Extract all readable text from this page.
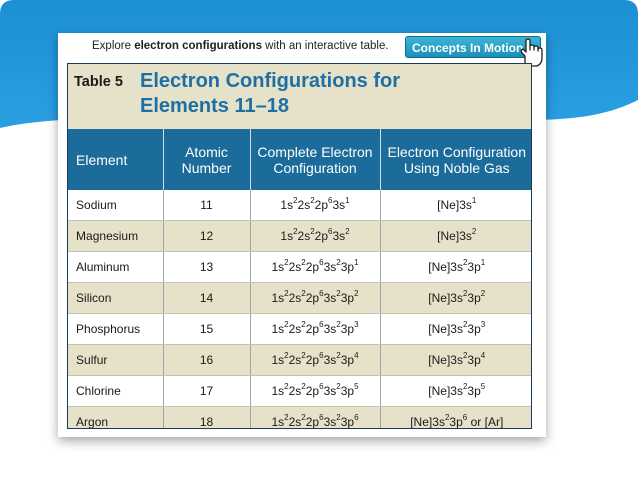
Explore electron configurations with an interactive table.	Concepts In Motion
Table 5 Electron Configurations for
Elements 11–18
Element	Atomic Number	Complete Electron Configuration	Electron Configuration Using Noble Gas
Sodium	11	$1s^22s^22p^63s^1$	$[Ne]3s^1$
Magnesium	12	$1s^22s^22p^63s^2$	$[Ne]3s^2$
Aluminum	13	$1s^22s^22p^63s^23p^1$	$[Ne]3s^23p^1$
Silicon	14	$1s^22s^22p^63s^23p^2$	$[Ne]3s^23p^2$
Phosphorus	15	$1s^22s^22p^63s^23p^3$	$[Ne]3s^23p^3$
Sulfur	16	$1s^22s^22p^63s^23p^4$	$[Ne]3s^23p^4$
Chlorine	17	$1s^22s^22p^63s^23p^5$	$[Ne]3s^23p^5$
Argon	18	$1s^22s^22p^63s^23p^6$	$[Ne]3s^23p^6$ or [Ar]
